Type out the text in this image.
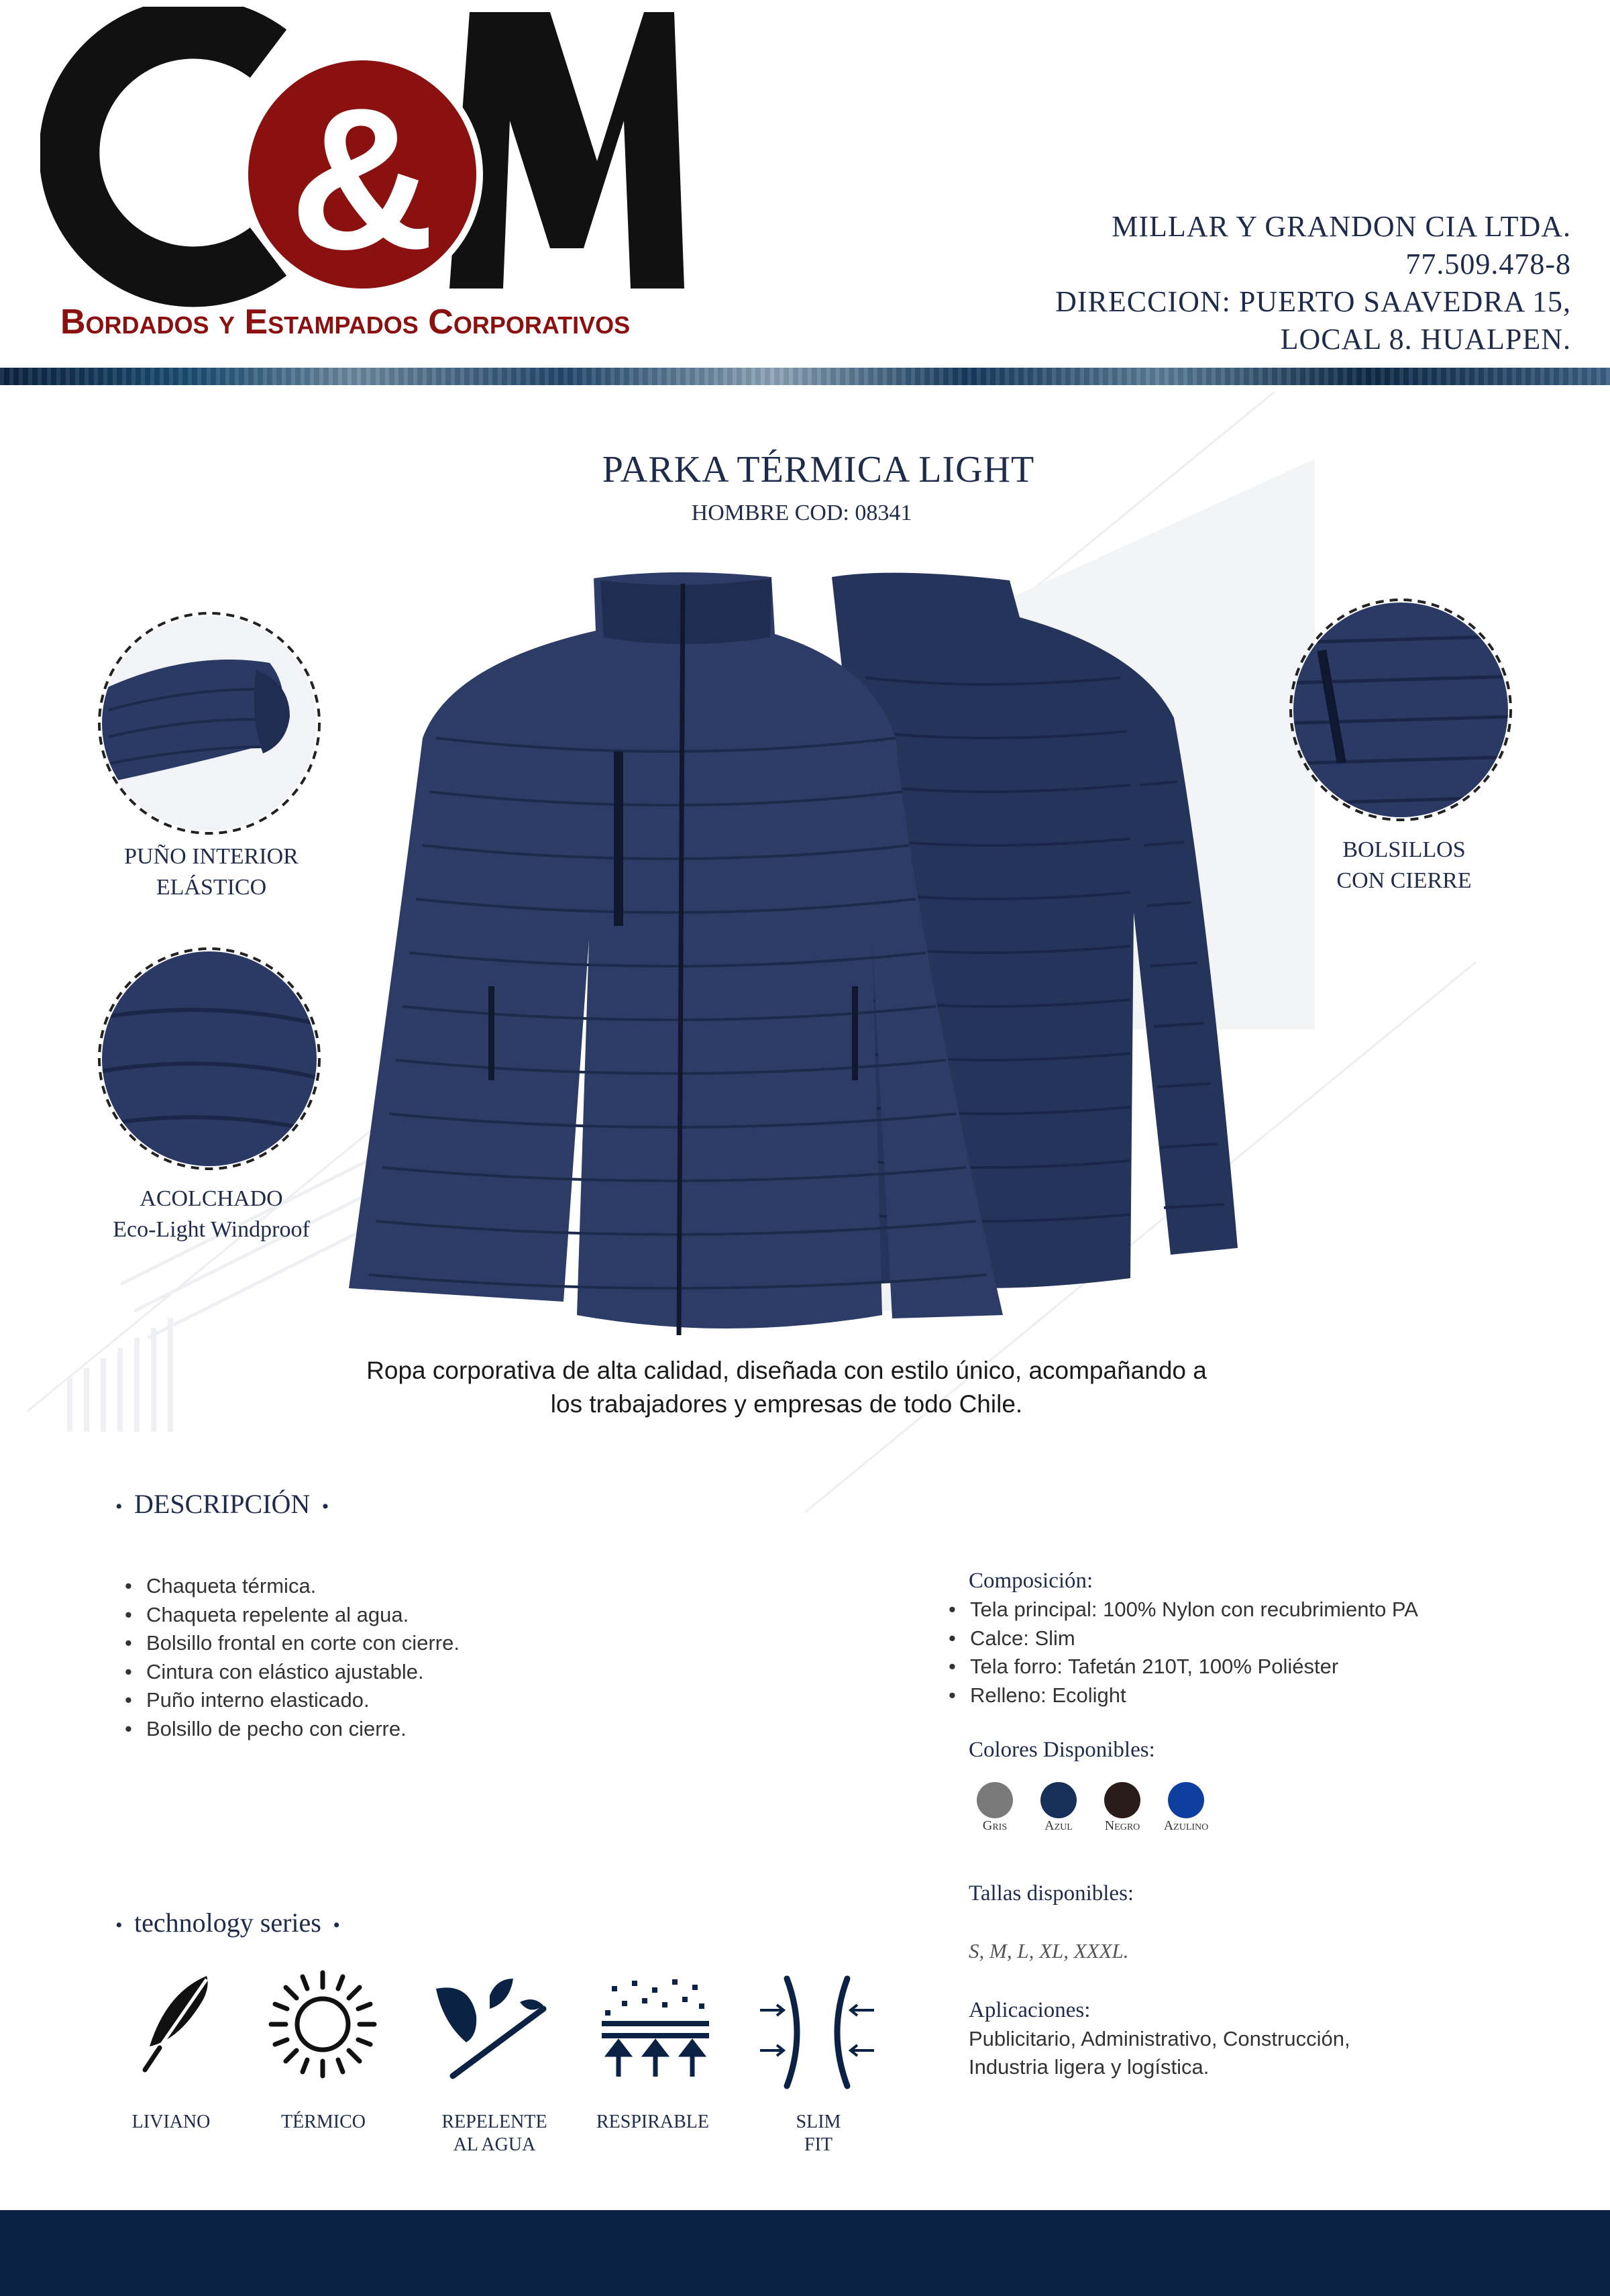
&
Bordados y Estampados Corporativos
MILLAR Y GRANDON CIA LTDA.
77.509.478-8
DIRECCION: PUERTO SAAVEDRA 15,
LOCAL 8. HUALPEN.
PARKA TÉRMICA LIGHT
HOMBRE COD: 08341
PUÑO INTERIOR
ELÁSTICO
ACOLCHADO
Eco-Light Windproof
BOLSILLOS
CON CIERRE
Ropa corporativa de alta calidad, diseñada con estilo único, acompañando a
los trabajadores y empresas de todo Chile.
•  DESCRIPCIÓN  •
• Chaqueta térmica.
• Chaqueta repelente al agua.
• Bolsillo frontal en corte con cierre.
• Cintura con elástico ajustable.
• Puño interno elasticado.
• Bolsillo de pecho con cierre.
Composición:
• Tela principal: 100% Nylon con recubrimiento PA
• Calce: Slim
• Tela forro: Tafetán 210T, 100% Poliéster
• Relleno: Ecolight
Colores Disponibles:
Gris	Azul	Negro	Azulino
Tallas disponibles:
S, M, L, XL, XXXL.
Aplicaciones:
Publicitario, Administrativo, Construcción,
Industria ligera y logística.
•  technology series  •
LIVIANO	TÉRMICO	REPELENTE
AL AGUA
RESPIRABLE	SLIM
FIT
